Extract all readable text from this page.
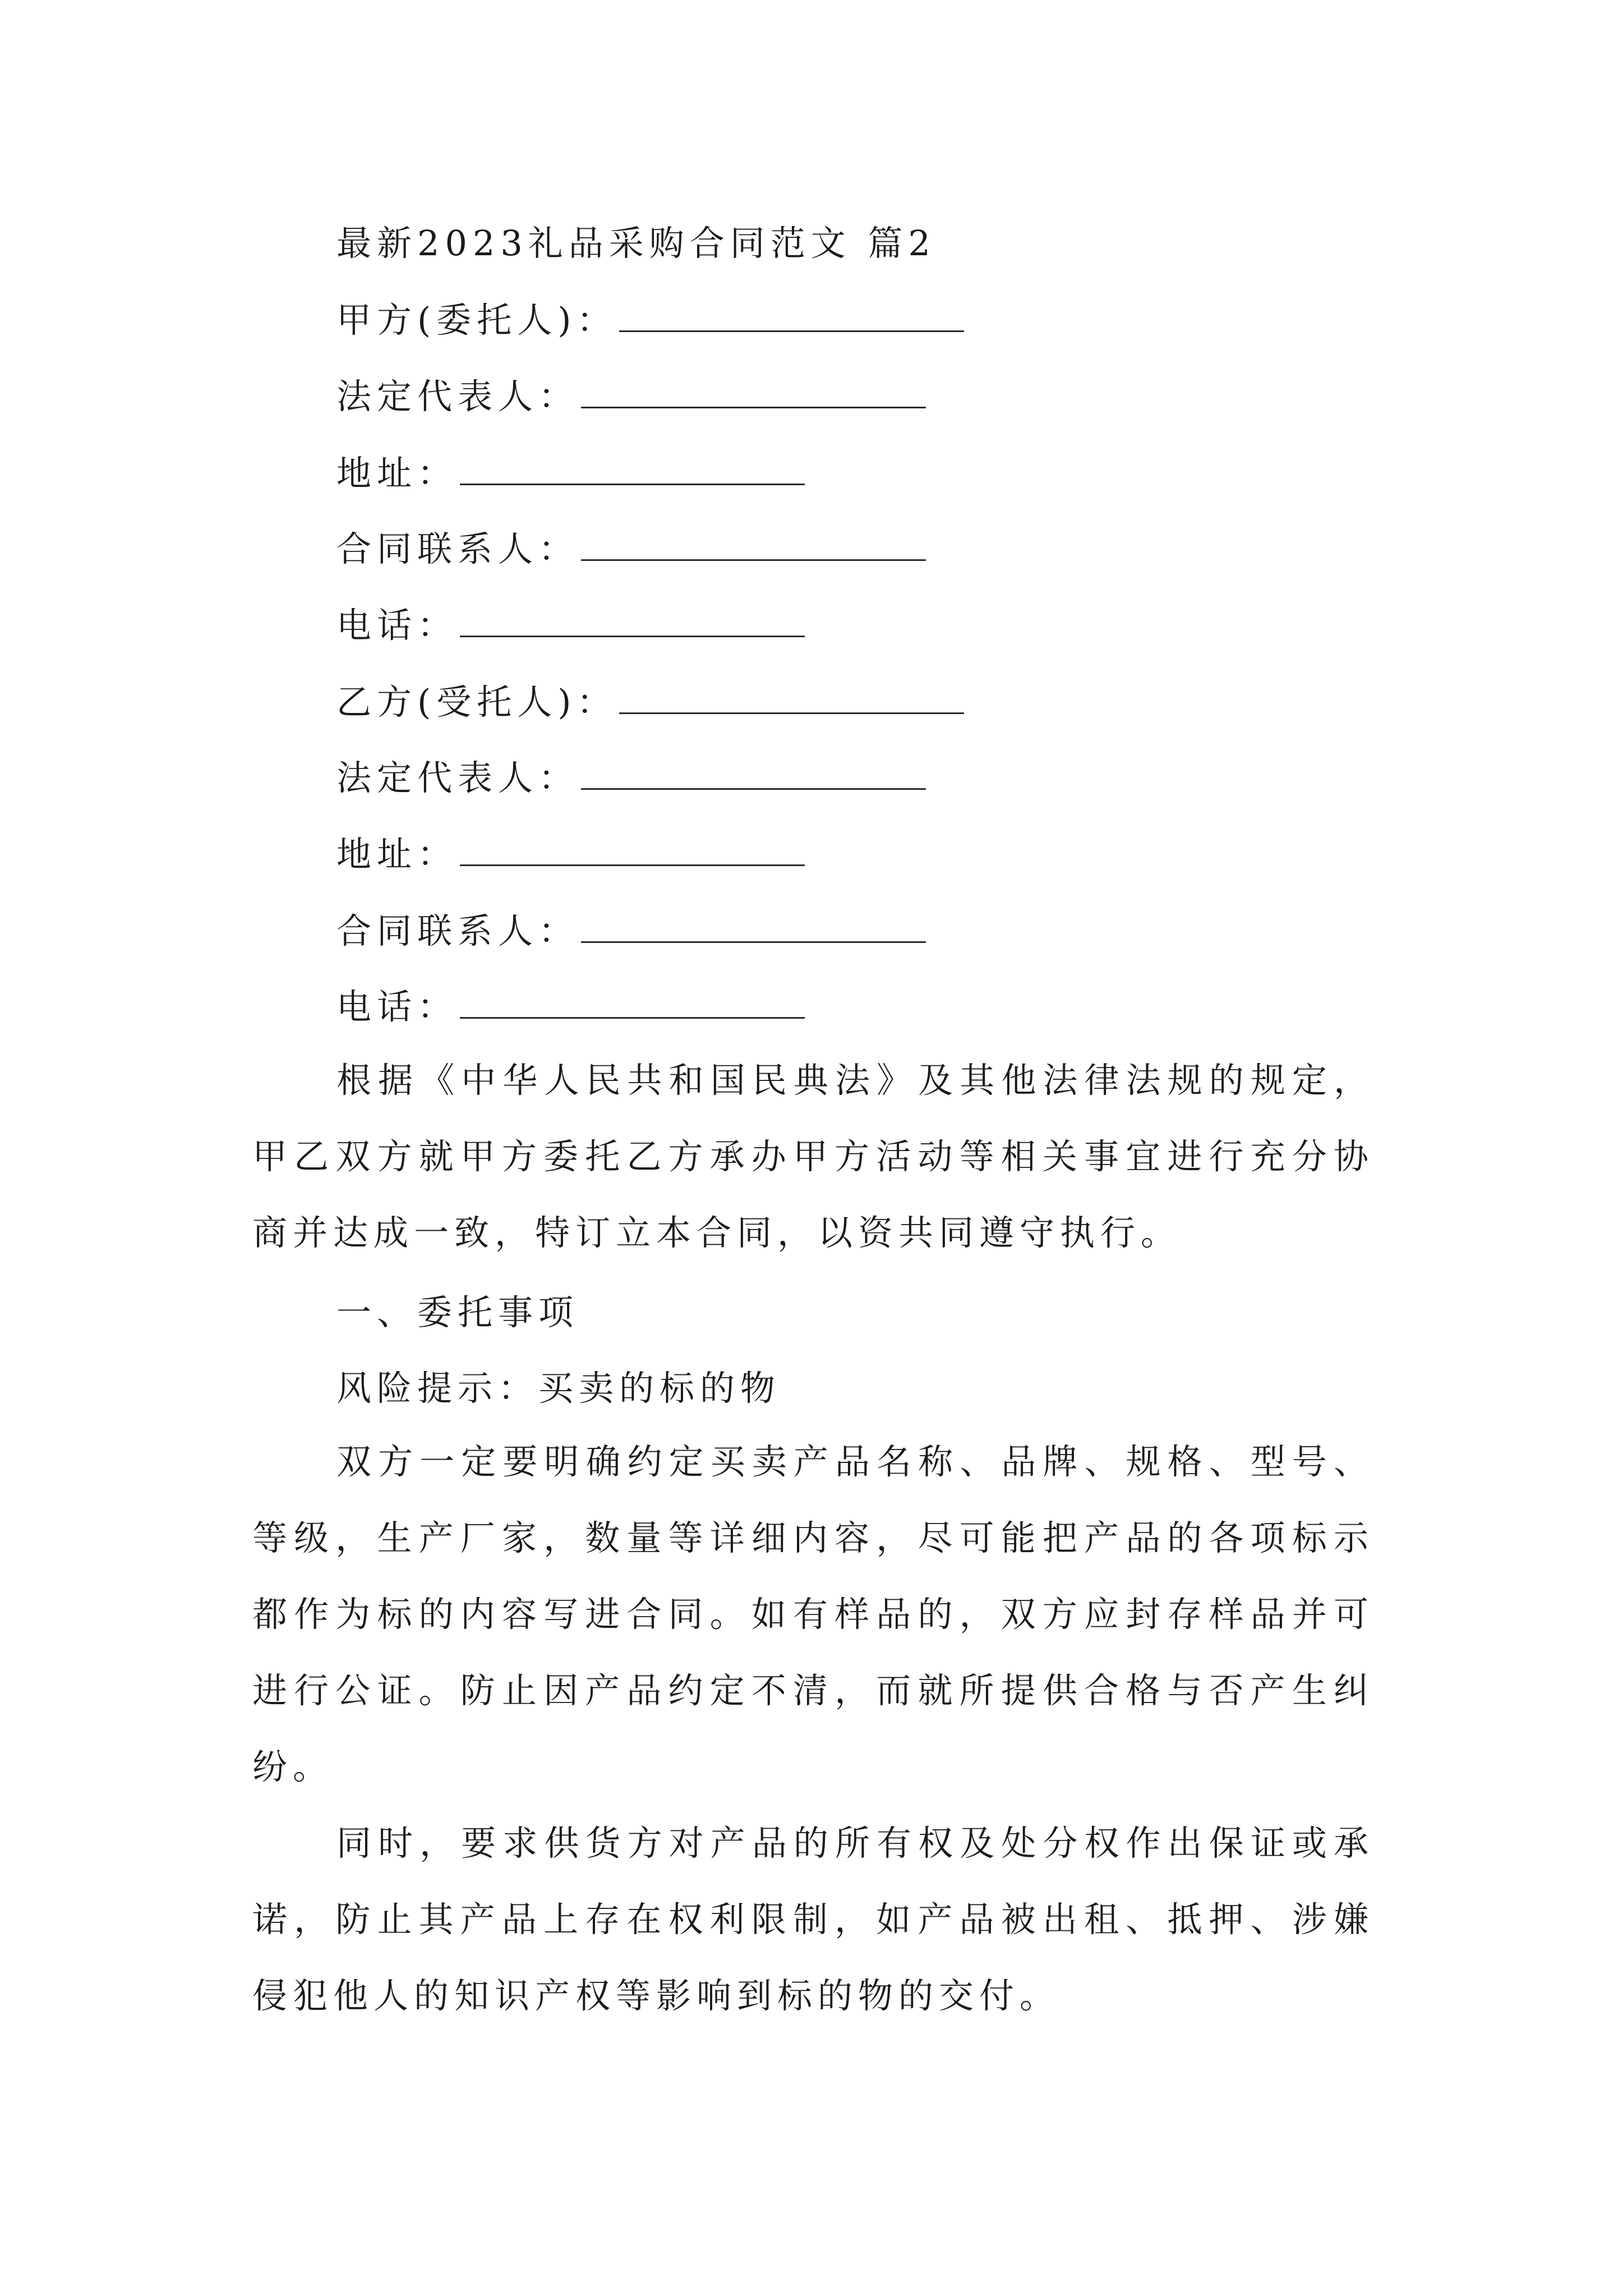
最新2023礼品采购合同范文 篇2
甲方(委托人)：
法定代表人：
地址：
合同联系人：
电话：
乙方(受托人)：
法定代表人：
地址：
合同联系人：
电话：

根据《中华人民共和国民典法》及其他法律法规的规定，甲乙双方就甲方委托乙方承办甲方活动等相关事宜进行充分协商并达成一致，特订立本合同，以资共同遵守执行。

一、委托事项
风险提示：买卖的标的物

双方一定要明确约定买卖产品名称、品牌、规格、型号、等级，生产厂家，数量等详细内容，尽可能把产品的各项标示都作为标的内容写进合同。如有样品的，双方应封存样品并可进行公证。防止因产品约定不清，而就所提供合格与否产生纠纷。

同时，要求供货方对产品的所有权及处分权作出保证或承诺，防止其产品上存在权利限制，如产品被出租、抵押、涉嫌侵犯他人的知识产权等影响到标的物的交付。
